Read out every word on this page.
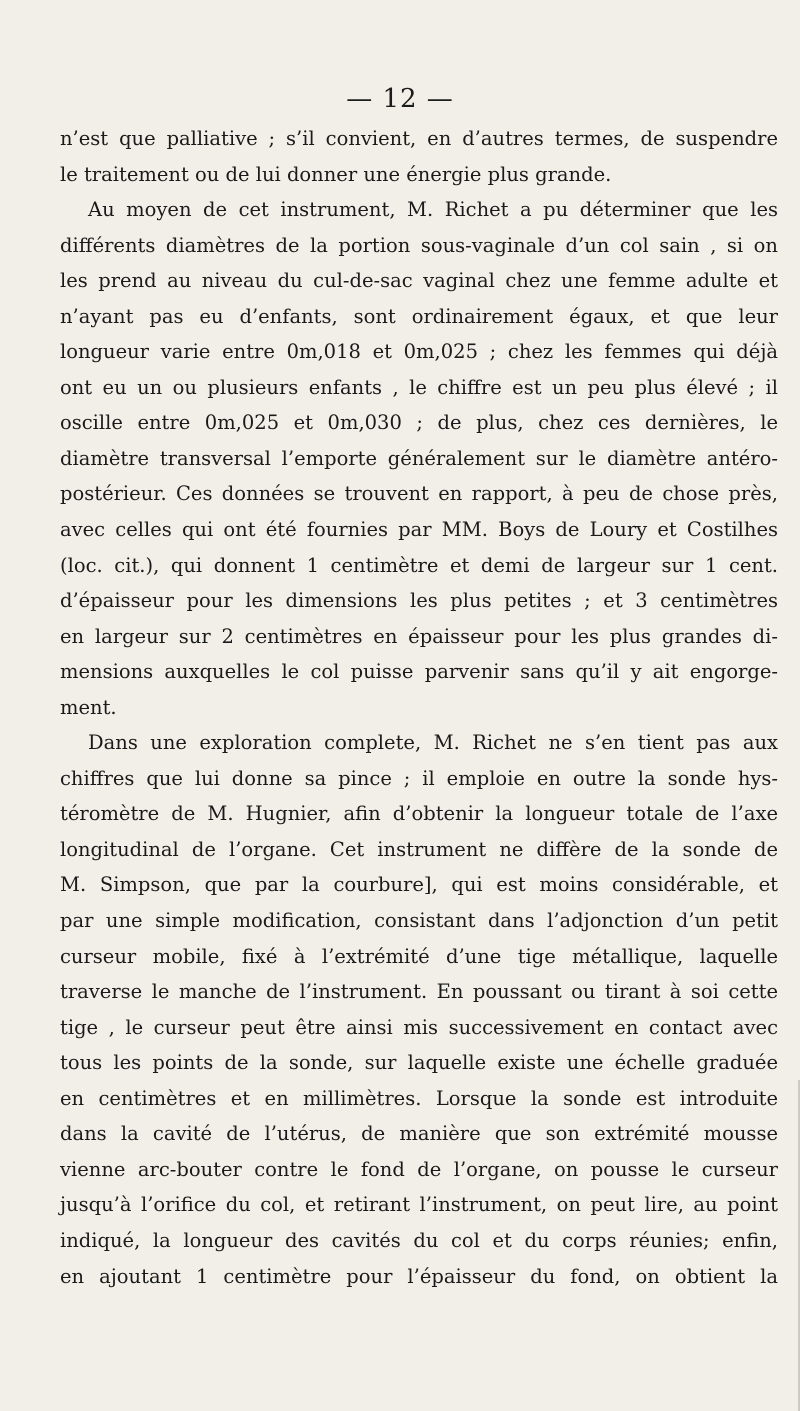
— 12 —
n’est que palliative ; s’il convient, en d’autres termes, de suspendre
le traitement ou de lui donner une énergie plus grande.
Au moyen de cet instrument, M. Richet a pu déterminer que les
différents diamètres de la portion sous-vaginale d’un col sain , si on
les prend au niveau du cul-de-sac vaginal chez une femme adulte et
n’ayant pas eu d’enfants, sont ordinairement égaux, et que leur
longueur varie entre 0m,018 et 0m,025 ; chez les femmes qui déjà
ont eu un ou plusieurs enfants , le chiffre est un peu plus élevé ; il
oscille entre 0m,025 et 0m,030 ; de plus, chez ces dernières, le
diamètre transversal l’emporte généralement sur le diamètre antéro-
postérieur. Ces données se trouvent en rapport, à peu de chose près,
avec celles qui ont été fournies par MM. Boys de Loury et Costilhes
(loc. cit.), qui donnent 1 centimètre et demi de largeur sur 1 cent.
d’épaisseur pour les dimensions les plus petites ; et 3 centimètres
en largeur sur 2 centimètres en épaisseur pour les plus grandes di-
mensions auxquelles le col puisse parvenir sans qu’il y ait engorge-
ment.
Dans une exploration complete, M. Richet ne s’en tient pas aux
chiffres que lui donne sa pince ; il emploie en outre la sonde hys-
téromètre de M. Hugnier, afin d’obtenir la longueur totale de l’axe
longitudinal de l’organe. Cet instrument ne diffère de la sonde de
M. Simpson, que par la courbure], qui est moins considérable, et
par une simple modification, consistant dans l’adjonction d’un petit
curseur mobile, fixé à l’extrémité d’une tige métallique, laquelle
traverse le manche de l’instrument. En poussant ou tirant à soi cette
tige , le curseur peut être ainsi mis successivement en contact avec
tous les points de la sonde, sur laquelle existe une échelle graduée
en centimètres et en millimètres. Lorsque la sonde est introduite
dans la cavité de l’utérus, de manière que son extrémité mousse
vienne arc-bouter contre le fond de l’organe, on pousse le curseur
jusqu’à l’orifice du col, et retirant l’instrument, on peut lire, au point
indiqué, la longueur des cavités du col et du corps réunies; enfin,
en ajoutant 1 centimètre pour l’épaisseur du fond, on obtient la
